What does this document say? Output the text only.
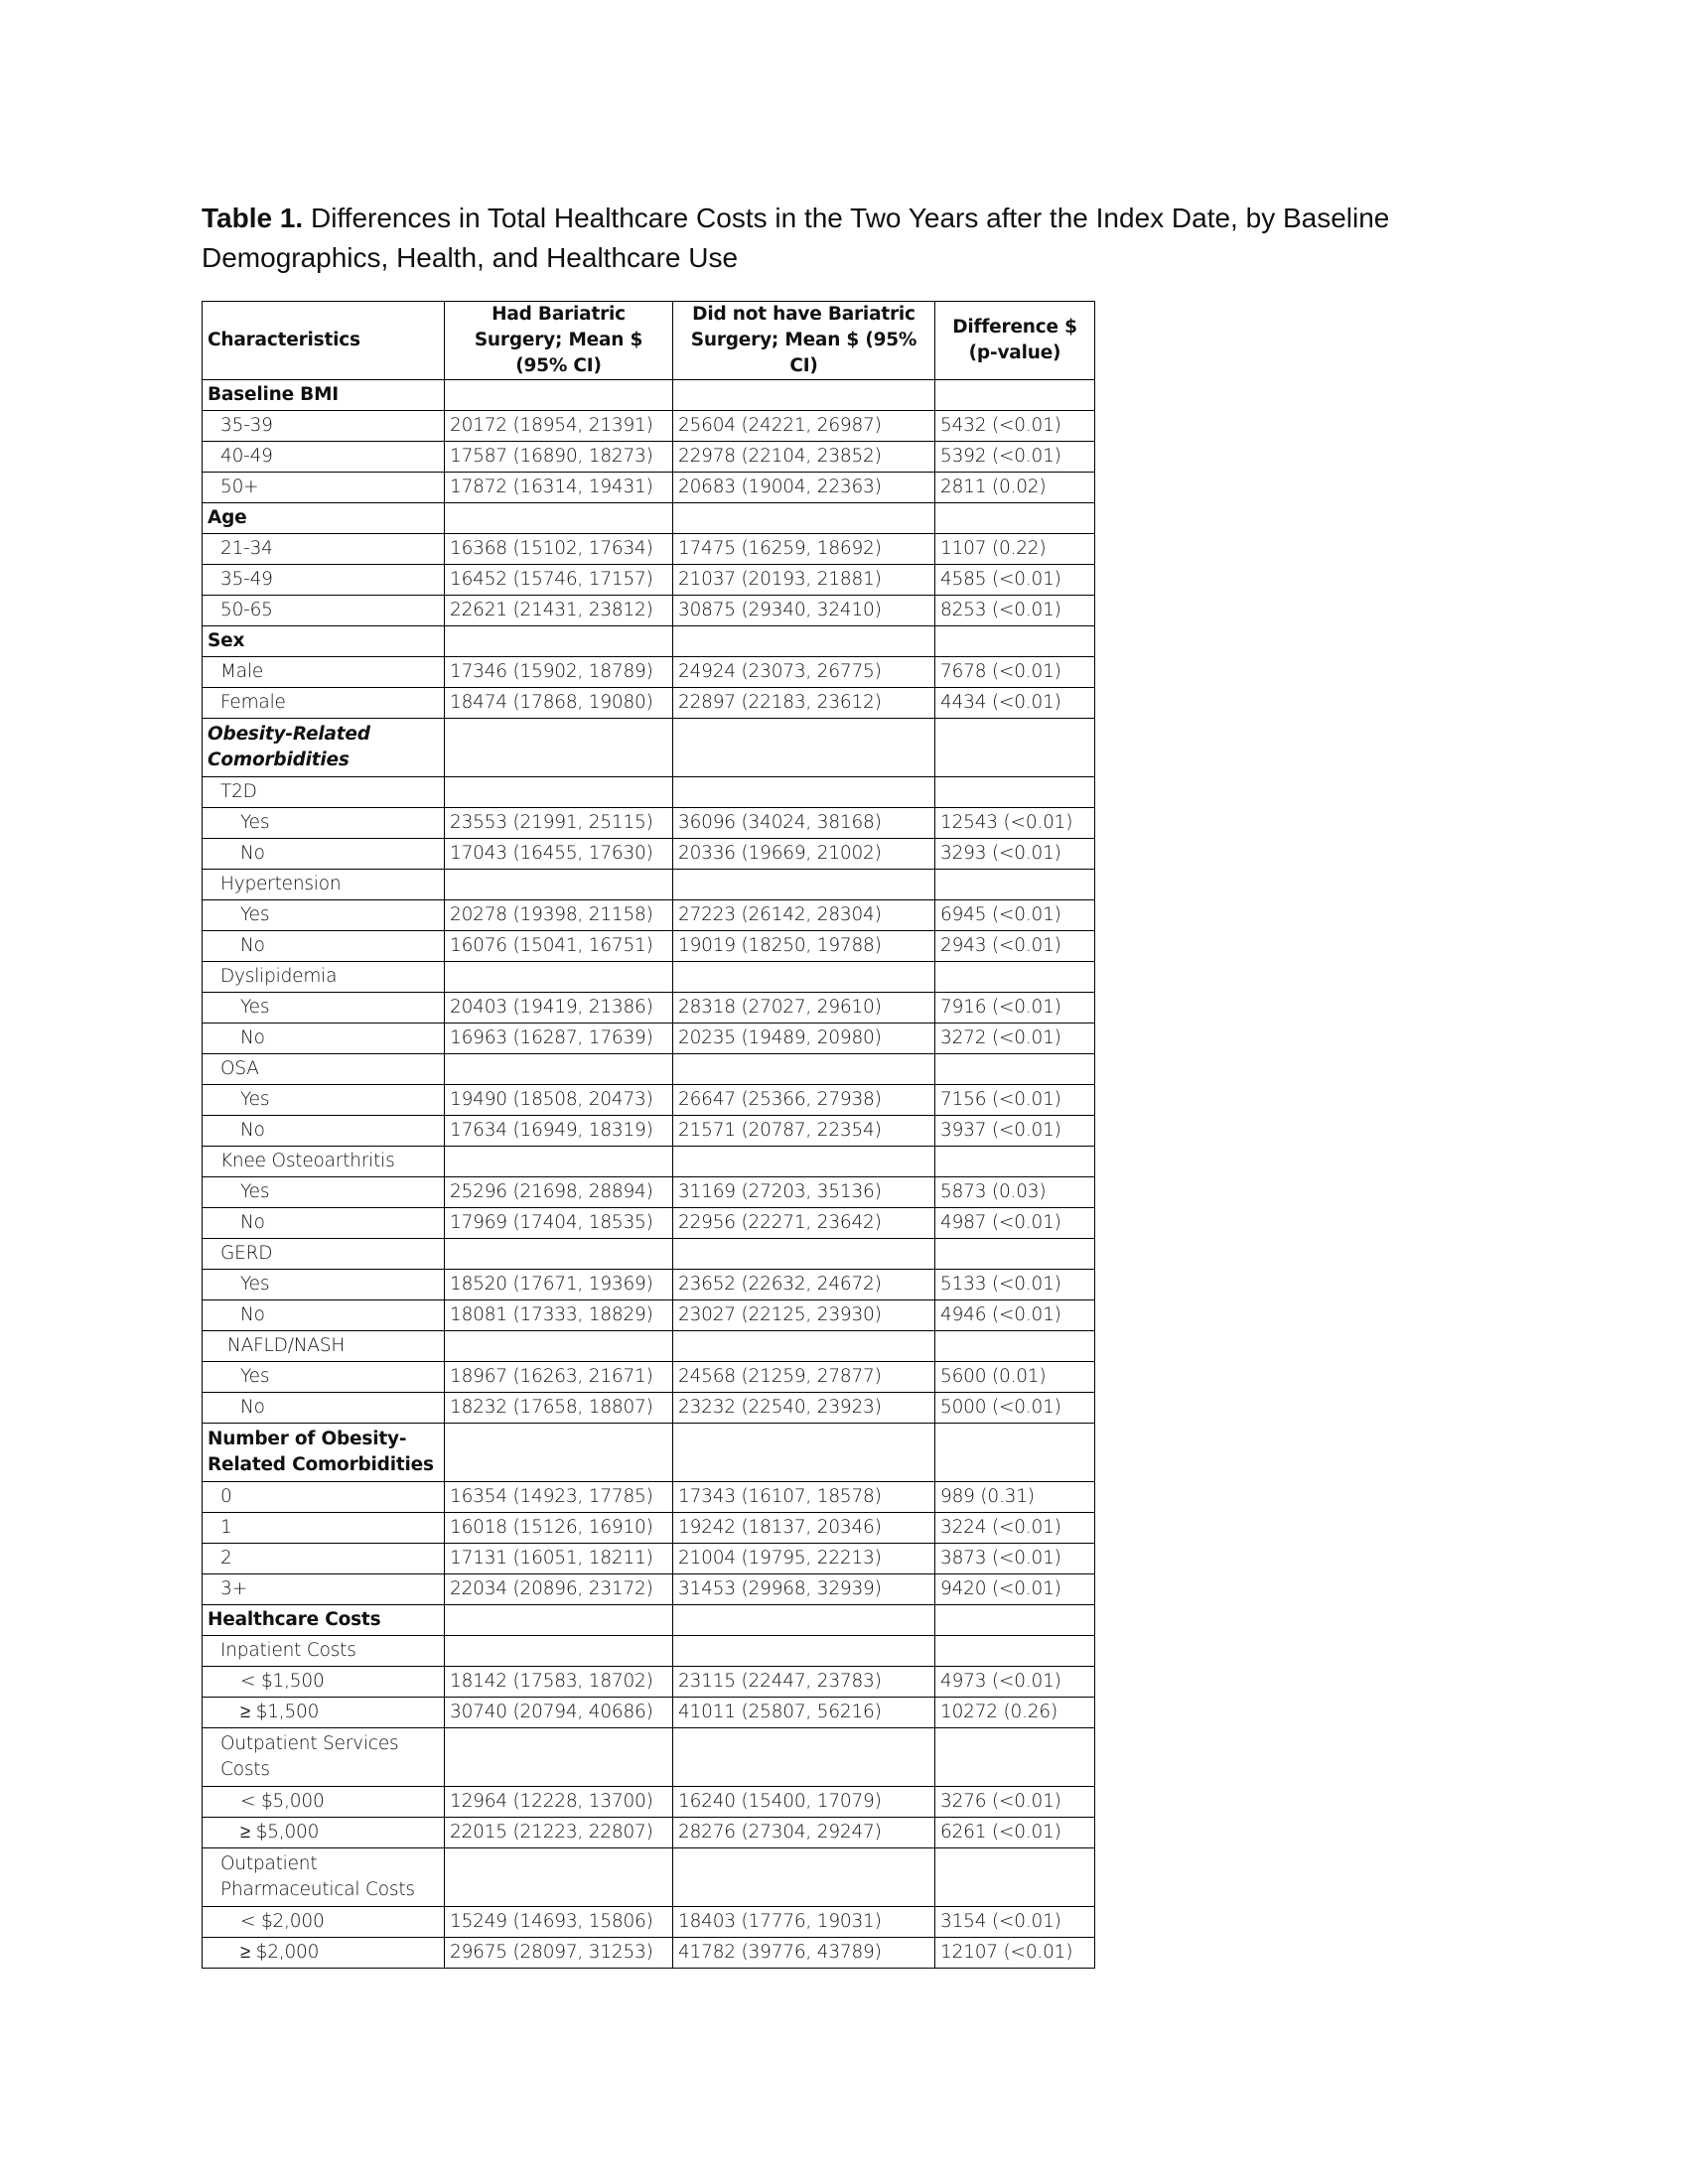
Table 1. Differences in Total Healthcare Costs in the Two Years after the Index Date, by Baseline Demographics, Health, and Healthcare Use
Characteristics	Had Bariatric Surgery; Mean $ (95% CI)	Did not have Bariatric Surgery; Mean $ (95% CI)	Difference $ (p-value)
Baseline BMI			
35-39	20172 (18954, 21391)	25604 (24221, 26987)	5432 (<0.01)
40-49	17587 (16890, 18273)	22978 (22104, 23852)	5392 (<0.01)
50+	17872 (16314, 19431)	20683 (19004, 22363)	2811 (0.02)
Age			
21-34	16368 (15102, 17634)	17475 (16259, 18692)	1107 (0.22)
35-49	16452 (15746, 17157)	21037 (20193, 21881)	4585 (<0.01)
50-65	22621 (21431, 23812)	30875 (29340, 32410)	8253 (<0.01)
Sex			
Male	17346 (15902, 18789)	24924 (23073, 26775)	7678 (<0.01)
Female	18474 (17868, 19080)	22897 (22183, 23612)	4434 (<0.01)
Obesity-Related Comorbidities			
T2D			
Yes	23553 (21991, 25115)	36096 (34024, 38168)	12543 (<0.01)
No	17043 (16455, 17630)	20336 (19669, 21002)	3293 (<0.01)
Hypertension			
Yes	20278 (19398, 21158)	27223 (26142, 28304)	6945 (<0.01)
No	16076 (15041, 16751)	19019 (18250, 19788)	2943 (<0.01)
Dyslipidemia			
Yes	20403 (19419, 21386)	28318 (27027, 29610)	7916 (<0.01)
No	16963 (16287, 17639)	20235 (19489, 20980)	3272 (<0.01)
OSA			
Yes	19490 (18508, 20473)	26647 (25366, 27938)	7156 (<0.01)
No	17634 (16949, 18319)	21571 (20787, 22354)	3937 (<0.01)
Knee Osteoarthritis			
Yes	25296 (21698, 28894)	31169 (27203, 35136)	5873 (0.03)
No	17969 (17404, 18535)	22956 (22271, 23642)	4987 (<0.01)
GERD			
Yes	18520 (17671, 19369)	23652 (22632, 24672)	5133 (<0.01)
No	18081 (17333, 18829)	23027 (22125, 23930)	4946 (<0.01)
NAFLD/NASH			
Yes	18967 (16263, 21671)	24568 (21259, 27877)	5600 (0.01)
No	18232 (17658, 18807)	23232 (22540, 23923)	5000 (<0.01)
Number of Obesity-Related Comorbidities			
0	16354 (14923, 17785)	17343 (16107, 18578)	989 (0.31)
1	16018 (15126, 16910)	19242 (18137, 20346)	3224 (<0.01)
2	17131 (16051, 18211)	21004 (19795, 22213)	3873 (<0.01)
3+	22034 (20896, 23172)	31453 (29968, 32939)	9420 (<0.01)
Healthcare Costs			
Inpatient Costs			
< $1,500	18142 (17583, 18702)	23115 (22447, 23783)	4973 (<0.01)
≥ $1,500	30740 (20794, 40686)	41011 (25807, 56216)	10272 (0.26)
Outpatient Services Costs			
< $5,000	12964 (12228, 13700)	16240 (15400, 17079)	3276 (<0.01)
≥ $5,000	22015 (21223, 22807)	28276 (27304, 29247)	6261 (<0.01)
Outpatient Pharmaceutical Costs			
< $2,000	15249 (14693, 15806)	18403 (17776, 19031)	3154 (<0.01)
≥ $2,000	29675 (28097, 31253)	41782 (39776, 43789)	12107 (<0.01)
